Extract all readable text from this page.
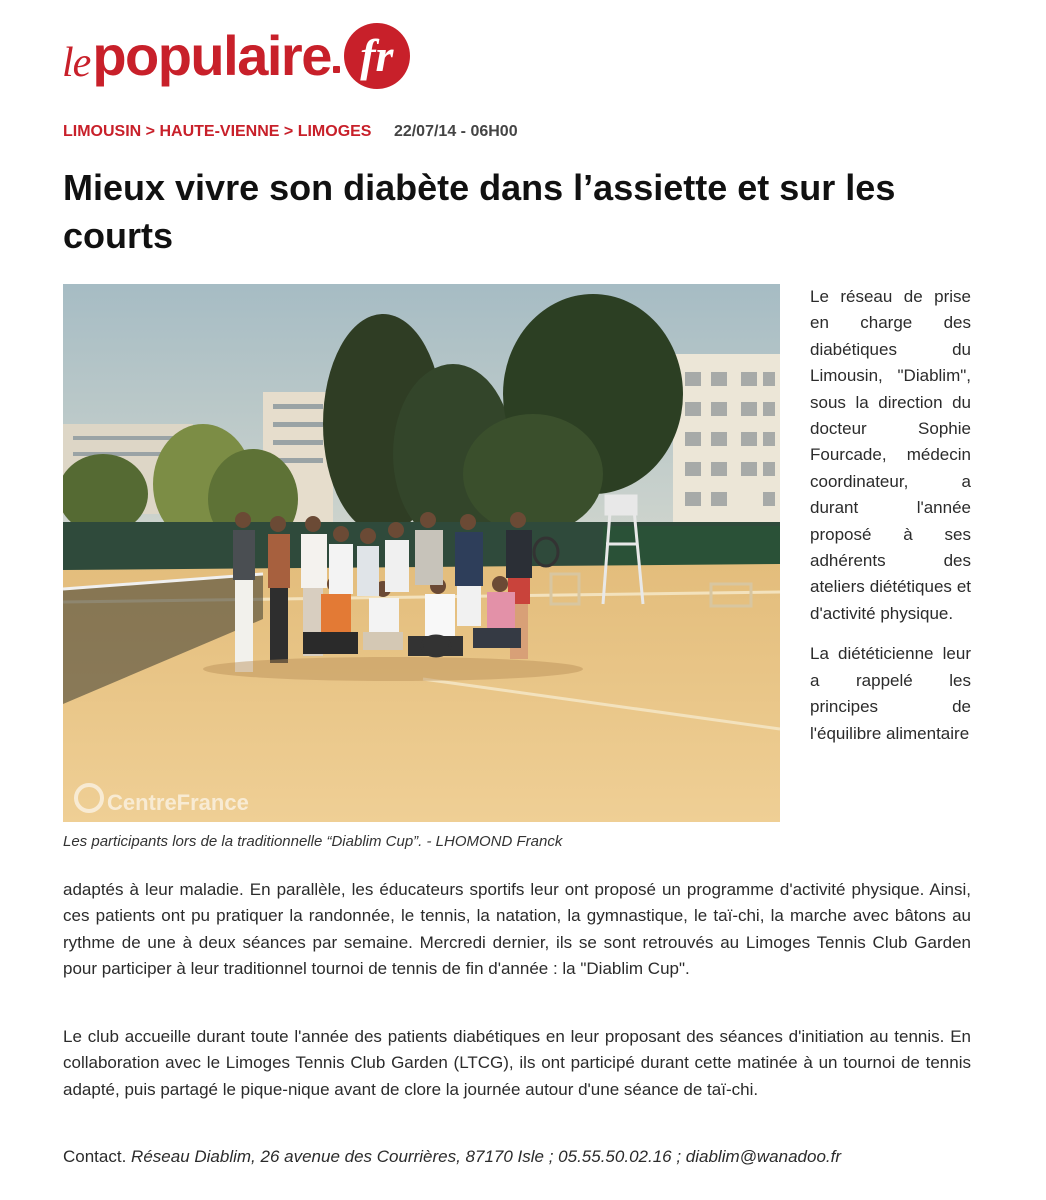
le populaire fr
LIMOUSIN > HAUTE-VIENNE > LIMOGES 22/07/14 - 06H00
Mieux vivre son diabète dans l’assiette et sur les courts
CentreFrance
Les participants lors de la traditionnelle “Diablim Cup”. - LHOMOND Franck

Le réseau de prise en charge des diabétiques du Limousin, "Diablim", sous la direction du docteur Sophie Fourcade, médecin coordinateur, a durant l'année proposé à ses adhérents des ateliers diététiques et d'activité physique.

La diététicienne leur a rappelé les principes de l'équilibre alimentaire

adaptés à leur maladie. En parallèle, les éducateurs sportifs leur ont proposé un programme d'activité physique. Ainsi, ces patients ont pu pratiquer la randonnée, le tennis, la natation, la gymnastique, le taï-chi, la marche avec bâtons au rythme de une à deux séances par semaine. Mercredi dernier, ils se sont retrouvés au Limoges Tennis Club Garden pour participer à leur traditionnel tournoi de tennis de fin d'année : la "Diablim Cup".

Le club accueille durant toute l'année des patients diabétiques en leur proposant des séances d'initiation au tennis. En collaboration avec le Limoges Tennis Club Garden (LTCG), ils ont participé durant cette matinée à un tournoi de tennis adapté, puis partagé le pique-nique avant de clore la journée autour d'une séance de taï-chi.

Contact. Réseau Diablim, 26 avenue des Courrières, 87170 Isle ; 05.55.50.02.16 ; diablim@wanadoo.fr
